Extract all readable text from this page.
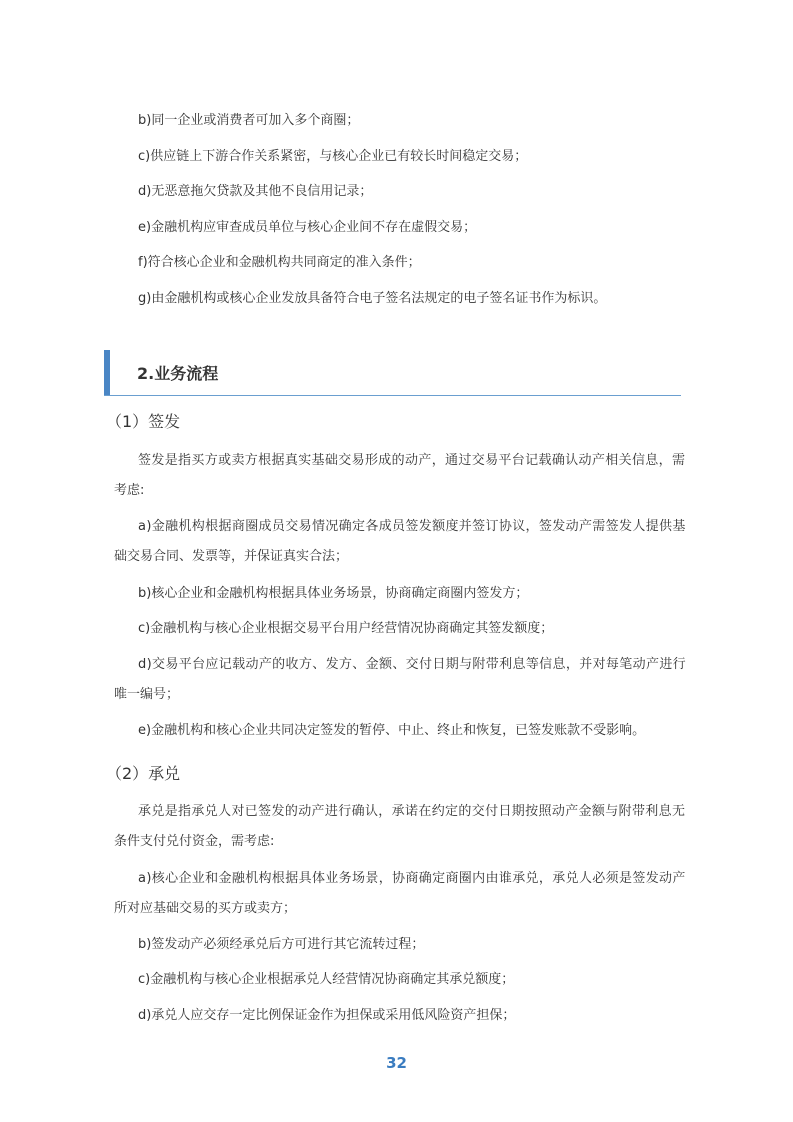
b)同一企业或消费者可加入多个商圈；
c)供应链上下游合作关系紧密，与核心企业已有较长时间稳定交易；
d)无恶意拖欠贷款及其他不良信用记录；
e)金融机构应审查成员单位与核心企业间不存在虚假交易；
f)符合核心企业和金融机构共同商定的准入条件；
g)由金融机构或核心企业发放具备符合电子签名法规定的电子签名证书作为标识。
2.业务流程
（1）签发
签发是指买方或卖方根据真实基础交易形成的动产，通过交易平台记载确认动产相关信息，需
考虑:
a)金融机构根据商圈成员交易情况确定各成员签发额度并签订协议，签发动产需签发人提供基
础交易合同、发票等，并保证真实合法；
b)核心企业和金融机构根据具体业务场景，协商确定商圈内签发方；
c)金融机构与核心企业根据交易平台用户经营情况协商确定其签发额度；
d)交易平台应记载动产的收方、发方、金额、交付日期与附带利息等信息，并对每笔动产进行
唯一编号；
e)金融机构和核心企业共同决定签发的暂停、中止、终止和恢复，已签发账款不受影响。
（2）承兑
承兑是指承兑人对已签发的动产进行确认，承诺在约定的交付日期按照动产金额与附带利息无
条件支付兑付资金，需考虑:
a)核心企业和金融机构根据具体业务场景，协商确定商圈内由谁承兑，承兑人必须是签发动产
所对应基础交易的买方或卖方；
b)签发动产必须经承兑后方可进行其它流转过程；
c)金融机构与核心企业根据承兑人经营情况协商确定其承兑额度；
d)承兑人应交存一定比例保证金作为担保或采用低风险资产担保；
32
